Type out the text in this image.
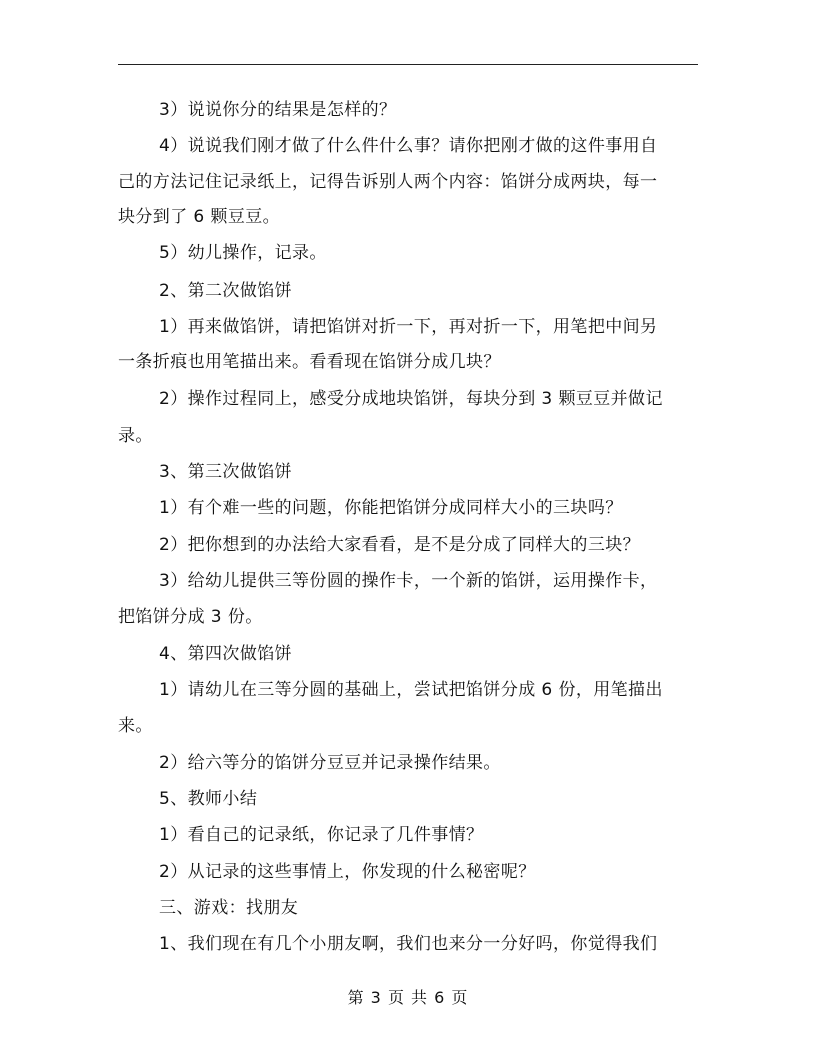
3）说说你分的结果是怎样的？
4）说说我们刚才做了什么件什么事？请你把刚才做的这件事用自
己的方法记住记录纸上，记得告诉别人两个内容：馅饼分成两块，每一
块分到了 6 颗豆豆。
5）幼儿操作，记录。
2、第二次做馅饼
1）再来做馅饼，请把馅饼对折一下，再对折一下，用笔把中间另
一条折痕也用笔描出来。看看现在馅饼分成几块？
2）操作过程同上，感受分成地块馅饼，每块分到 3 颗豆豆并做记
录。
3、第三次做馅饼
1）有个难一些的问题，你能把馅饼分成同样大小的三块吗？
2）把你想到的办法给大家看看，是不是分成了同样大的三块？
3）给幼儿提供三等份圆的操作卡，一个新的馅饼，运用操作卡，
把馅饼分成 3 份。
4、第四次做馅饼
1）请幼儿在三等分圆的基础上，尝试把馅饼分成 6 份，用笔描出
来。
2）给六等分的馅饼分豆豆并记录操作结果。
5、教师小结
1）看自己的记录纸，你记录了几件事情？
2）从记录的这些事情上，你发现的什么秘密呢？
三、游戏：找朋友
1、我们现在有几个小朋友啊，我们也来分一分好吗，你觉得我们
第 3 页 共 6 页
